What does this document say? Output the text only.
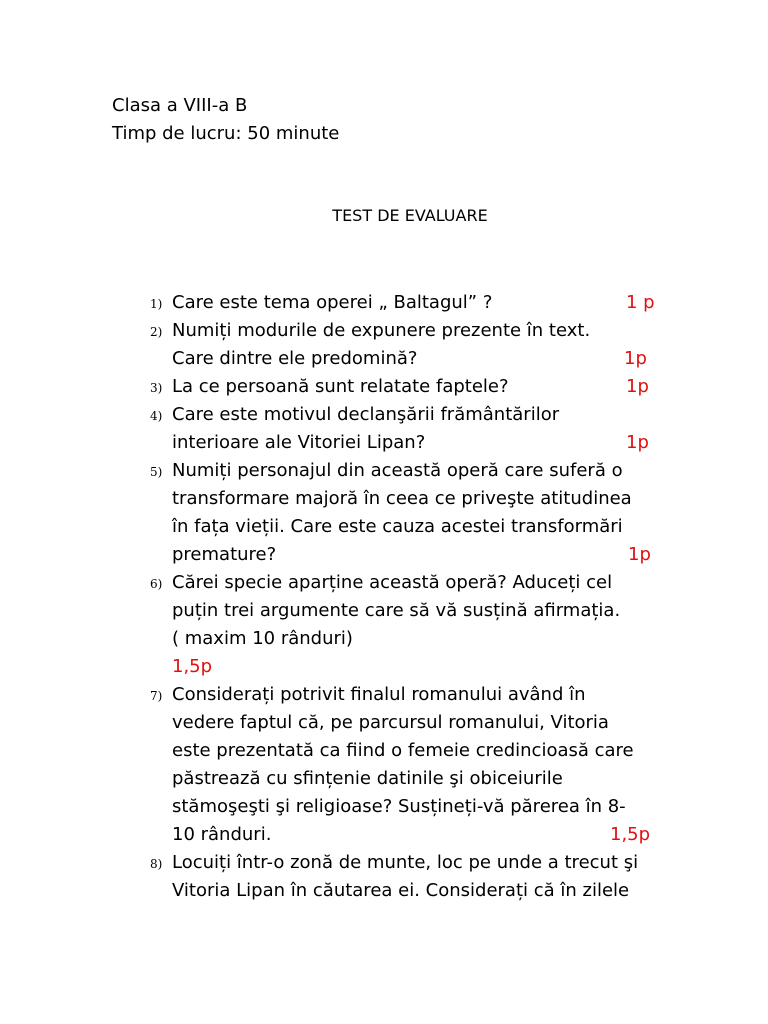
Clasa a VIII-a B
Timp de lucru: 50 minute
TEST DE EVALUARE
1) Care este tema operei „ Baltagul” ?	1 p
2) Numiți modurile de expunere prezente în text.
Care dintre ele predomină?	1p
3) La ce persoană sunt relatate faptele?	1p
4) Care este motivul declanşării frământărilor
interioare ale Vitoriei Lipan?	1p
5) Numiți personajul din această operă care suferă o
transformare majoră în ceea ce priveşte atitudinea
în fața vieții. Care este cauza acestei transformări
premature?	1p
6) Cărei specie aparține această operă? Aduceți cel
puțin trei argumente care să vă susțină afirmația.
( maxim 10 rânduri)
1,5p
7) Considerați potrivit finalul romanului având în
vedere faptul că, pe parcursul romanului, Vitoria
este prezentată ca fiind o femeie credincioasă care
păstrează cu sfințenie datinile şi obiceiurile
stămoşeşti şi religioase? Susțineți-vă părerea în 8-
10 rânduri.	1,5p
8) Locuiți într-o zonă de munte, loc pe unde a trecut şi
Vitoria Lipan în căutarea ei. Considerați că în zilele
